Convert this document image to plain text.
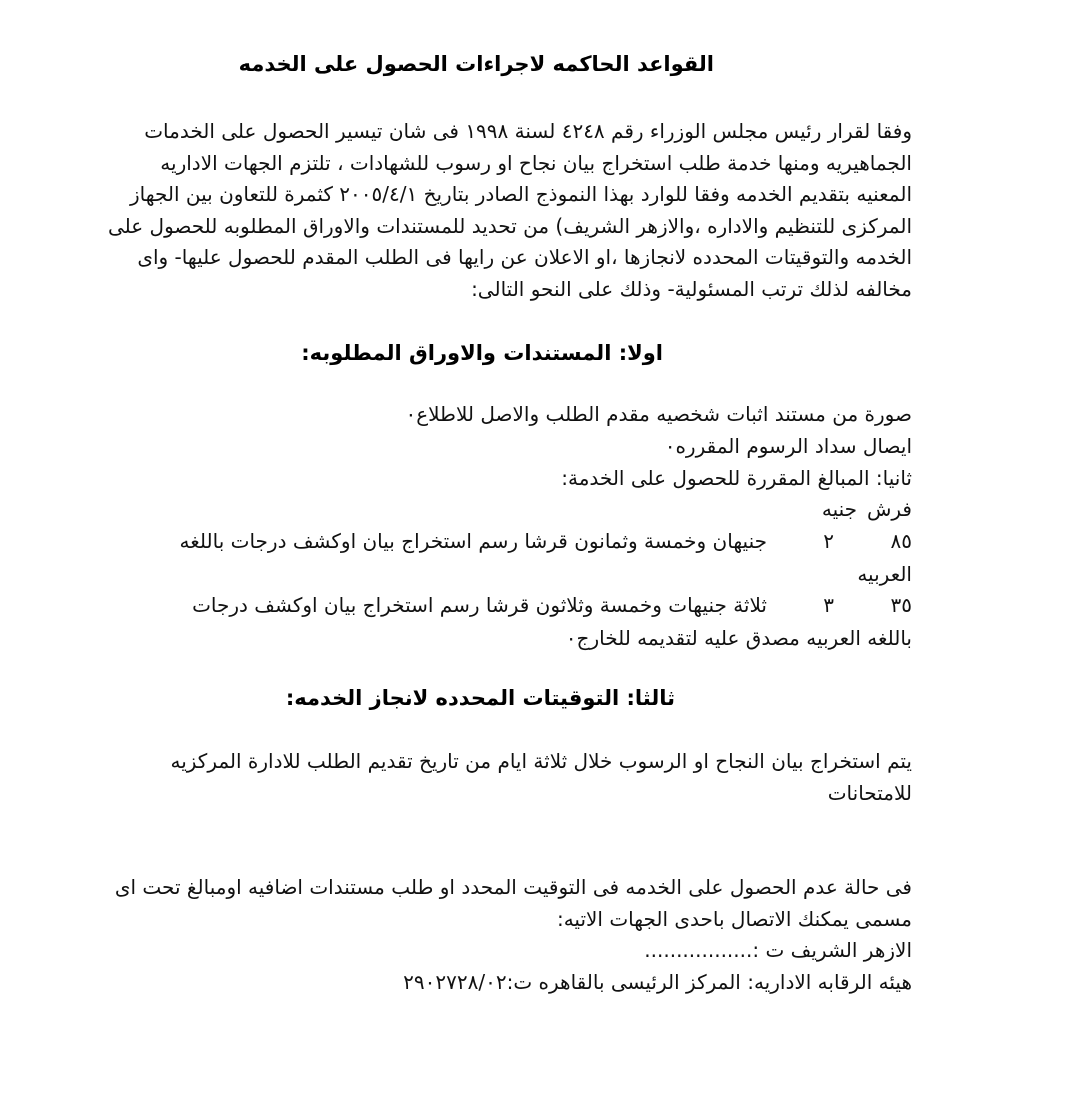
القواعد الحاكمه لاجراءات الحصول على الخدمه

وفقا لقرار رئيس مجلس الوزراء رقم ٤٢٤٨ لسنة ١٩٩٨ فى شان تيسير الحصول على الخدمات الجماهيريه ومنها خدمة طلب استخراج بيان نجاح او رسوب للشهادات ، تلتزم الجهات الاداريه المعنيه بتقديم الخدمه وفقا للوارد بهذا النموذج الصادر بتاريخ ٢٠٠٥/٤/١ كثمرة للتعاون بين الجهاز المركزى للتنظيم والاداره ،والازهر الشريف) من تحديد للمستندات والاوراق المطلوبه للحصول على الخدمه والتوقيتات المحدده لانجازها ،او الاعلان عن رايها فى الطلب المقدم للحصول عليها- واى مخالفه لذلك ترتب المسئولية- وذلك على النحو التالى:

اولا: المستندات والاوراق المطلوبه:

صورة من مستند اثبات شخصيه مقدم الطلب والاصل للاطلاع٠

ايصال سداد الرسوم المقرره٠

ثانيا: المبالغ المقررة للحصول على الخدمة:

فرش
جنيه
٨٥
٢
جنيهان وخمسة وثمانون قرشا رسم استخراج بيان اوكشف درجات باللغه

العربيه

٣٥
٣
ثلاثة جنيهات وخمسة وثلاثون قرشا رسم استخراج بيان اوكشف درجات

باللغه العربيه مصدق عليه لتقديمه للخارج٠

ثالثا: التوقيتات المحدده لانجاز الخدمه:

يتم استخراج بيان النجاح او الرسوب خلال ثلاثة ايام من تاريخ تقديم الطلب للادارة المركزيه للامتحانات

فى حالة عدم الحصول على الخدمه فى التوقيت المحدد او طلب مستندات اضافيه اومبالغ تحت اى مسمى يمكنك الاتصال باحدى الجهات الاتيه:

الازهر الشريف ت :.................

هيئه الرقابه الاداريه: المركز الرئيسى بالقاهره ت:٢٩٠٢٧٢٨/٠٢
